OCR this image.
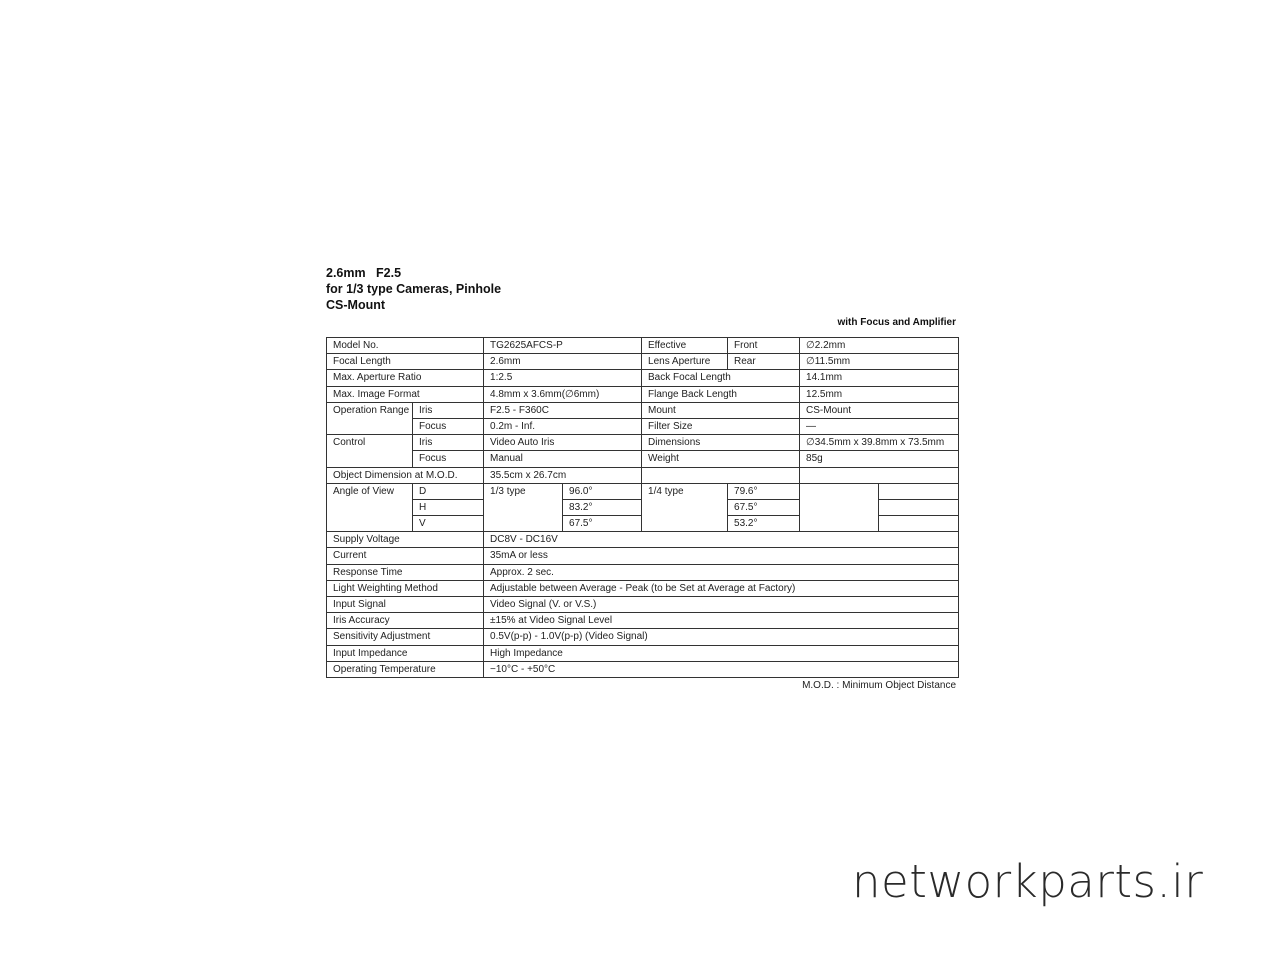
2.6mm   F2.5
for 1/3 type Cameras, Pinhole
CS-Mount
with Focus and Amplifier
Model No.		TG2625AFCS-P		Effective	Front	∅2.2mm	
Focal Length		2.6mm		Lens Aperture	Rear	∅11.5mm	
Max. Aperture Ratio		1:2.5		Back Focal Length		14.1mm	
Max. Image Format		4.8mm x 3.6mm(∅6mm)		Flange Back Length		12.5mm	
Operation Range	Iris	F2.5 - F360C		Mount		CS-Mount	
	Focus	0.2m - Inf.		Filter Size		—	
Control	Iris	Video Auto Iris		Dimensions		∅34.5mm x 39.8mm x 73.5mm	
	Focus	Manual		Weight		85g	
Object Dimension at M.O.D.		35.5cm x 26.7cm					
Angle of View	D	1/3 type	96.0°	1/4 type	79.6°		
	H		83.2°		67.5°		
	V		67.5°		53.2°		
Supply Voltage		DC8V - DC16V					
Current		35mA or less					
Response Time		Approx. 2 sec.					
Light Weighting Method		Adjustable between Average - Peak (to be Set at Average at Factory)					
Input Signal		Video Signal (V. or V.S.)					
Iris Accuracy		±15% at Video Signal Level					
Sensitivity Adjustment		0.5V(p-p) - 1.0V(p-p) (Video Signal)					
Input Impedance		High Impedance					
Operating Temperature		−10°C - +50°C					
M.O.D. : Minimum Object Distance
networkparts.ir
